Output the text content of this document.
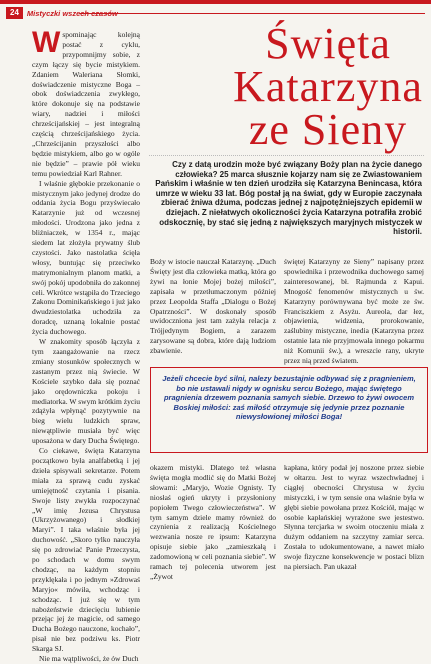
24	Mistyczki wszech czasów
Święta
Katarzyna
ze Sieny

Czy z datą urodzin może być związany Boży plan na życie danego człowieka? 25 marca słusznie kojarzy nam się ze Zwiastowaniem Pańskim i właśnie w ten dzień urodziła się Katarzyna Benincasa, która umrze w wieku 33 lat. Bóg postał ją na świat, gdy w Europie zaczynała zbierać żniwa dżuma, podczas jednej z najpotężniejszych epidemii w dziejach. Z niełatwych okoliczności życia Katarzyna potrafiła zrobić odskocznię, by stać się jedną z największych maryjnych mistyczek w historii.

Wspominając kolejną postać z cyklu, przypomnijmy sobie, z czym łączy się bycie mistykiem. Zdaniem Waleriana Słomki, doświadczenie mistyczne Boga – obok doświadczenia zwykłego, które dokonuje się na podstawie wiary, nadziei i miłości chrześcijańskiej – jest integralną częścią chrześcijańskiego życia. „Chrześcijanin przyszłości albo będzie mistykiem, albo go w ogóle nie będzie” – prawie pół wieku temu powiedział Karl Rahner.

I właśnie głębokie przekonanie o mistycznym jako jedynej drodze do oddania życia Bogu przyświecało Katarzynie już od wczesnej młodości. Urodzona jako jedna z bliźniaczek, w 1354 r., mając siedem lat złożyła prywatny ślub czystości. Jako nastolatka ścięła włosy, buntując się przeciwko matrymonialnym planom matki, a swój pokój upodobniła do zakonnej celi. Wkrótce wstąpiła do Trzeciego Zakonu Dominikańskiego i już jako dwudziestolatka uchodziła za doradcę, uznaną lokalnie postać życia duchowego.

W znakomity sposób łączyła z tym zaangażowanie na rzecz zmiany stosunków społecznych w zastanym przez nią świecie. W Kościele szybko dała się poznać jako orędowniczka pokoju i mediatorka. W swym krótkim życiu zdążyła wpłynąć pozytywnie na bieg wielu ludzkich spraw, niewątpliwie musiała być więc uposażona w dary Ducha Świętego.

Co ciekawe, święta Katarzyna początkowo była analfabetką i jej dzieła spisywali sekretarze. Potem miała za sprawą cudu zyskać umiejętność czytania i pisania. Swoje listy zwykła rozpoczynać „W imię Jezusa Chrystusa (Ukrzyżowanego) i słodkiej Maryi”. I taka właśnie była jej duchowość. „Skoro tylko nauczyła się po zdrowiać Panie Przeczysta, po schodach w domu swym chodząc, na każdym stopniu przyklękała i po jednym »Zdrowaś Maryjo« mówiła, wchodząc i schodząc. I już się w tym nabożeństwie dziecięciu lubienie przejąc jej że magicie, od samego Ducha Bożego nauczone, kochało”, pisał nie bez podziwu ks. Piotr Skarga SJ.

Nie ma wątpliwości, że ów Duch

Boży w istocie nauczał Katarzynę. „Duch Święty jest dla człowieka matką, która go żywi na łonie Mojej bożej miłości”, zapisała w przetłumaczonym później przez Leopolda Staffa „Dialogu o Bożej Opatrzności”. W doskonały sposób uwidoczniona jest tam zażyła relacja z Trójjedynym Bogiem, a zarazem zarysowane są dobra, które dają ludziom zbawienie.

świętej Katarzyny ze Sieny” napisany przez spowiednika i przewodnika duchowego samej zainteresowanej, bł. Rajmunda z Kapui. Mnogość fenomenów mistycznych u św. Katarzyny porównywana być może ze św. Franciszkiem z Asyżu. Aureola, dar łez, objawienia, widzenia, prorokowanie, zaślubiny mistyczne, inedia (Katarzyna przez ostatnie lata nie przyjmowała innego pokarmu niż Komunii św.), a wreszcie rany, ukryte przez nią przed światem.

Jeżeli chcecie być silni, nalezy bezustajnie odbywać się z pragnieniem, bo nie ustawali nigdy w ognisku sercu Bożego, mając świętego pragnienia drzewem poznania samych siebie. Drzewo to żywi owocem Boskiej miłości: zaś miłość otrzymuje się jedynie przez poznanie niewysłowionej miłości Boga!

okazem mistyki. Dlatego też własna święta mogła modlić się do Matki Bożej słowami: „Maryjo, Wozie Ognisty. Ty niosłaś ogień ukryty i przysłoniony popiołem Twego człowieczeństwa”. W tym samym dziele mamy również do czynienia z realizacją Kościelnego wezwania nosze re ipsum: Katarzyna opisuje siebie jako „zamieszkałą i zadomowioną w celi poznania siebie”. W ramach tej polecenia utworem jest „Żywot

kapłana, który podał jej noszone przez siebie w ołtarzu. Jest to wyraz wszechwładnej i ciągłej obecności Chrystusa w życiu mistyczki, i w tym sensie ona właśnie była w głębi siebie powołana przez Kościół, mając w osobie kapłańskiej wyrażone swe jestestwo. Słynna tercjarka w swoim otoczeniu miała z dużym oddaniem na szczytny zamiar serca. Została to udokumentowane, a nawet miało swoje fizyczne konsekwencje w postaci blizn na piersiach. Pan ukazał
